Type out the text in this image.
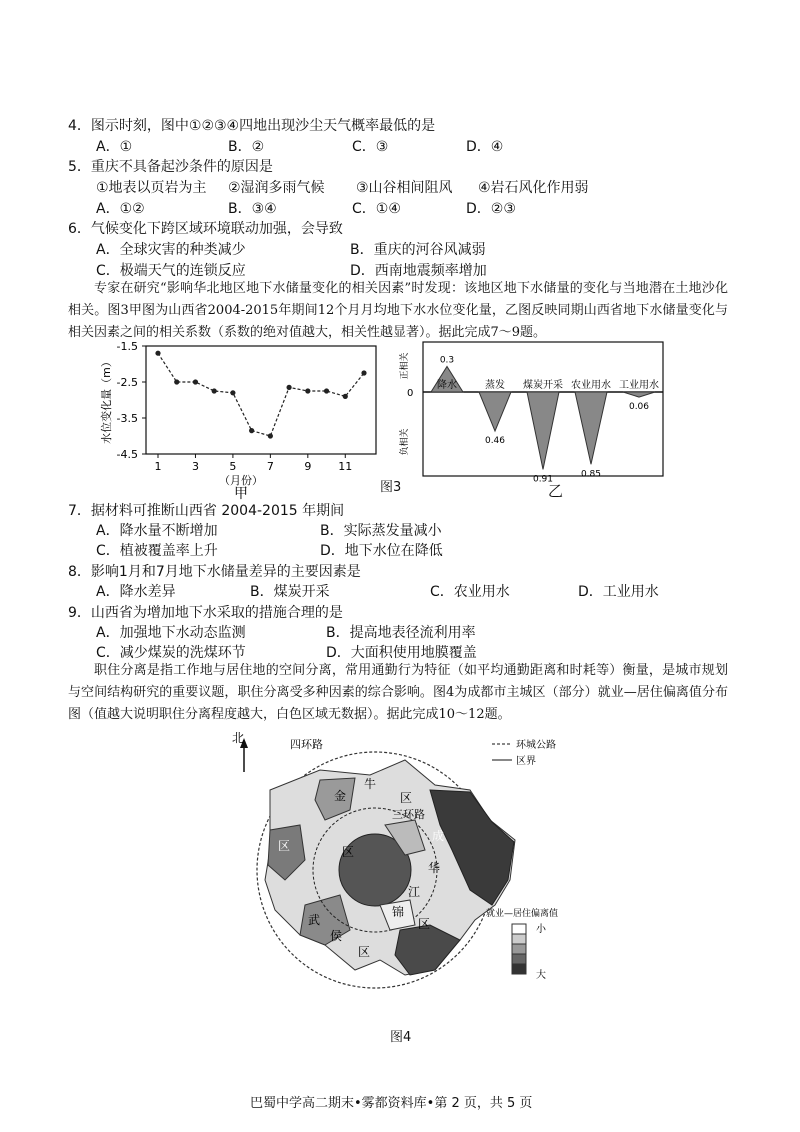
4．图示时刻，图中①②③④四地出现沙尘天气概率最低的是
A．①	B．②	C．③	D．④
5．重庆不具备起沙条件的原因是
①地表以页岩为主 ②湿润多雨气候 ③山谷相间阻风 ④岩石风化作用弱
A．①②	B．③④	C．①④	D．②③
6．气候变化下跨区域环境联动加强，会导致
A．全球灾害的种类减少	B．重庆的河谷风减弱
C．极端天气的连锁反应	D．西南地震频率增加
专家在研究“影响华北地区地下水储量变化的相关因素”时发现：该地区地下水储量的变化与当地潜在土地沙化相关。图3甲图为山西省2004-2015年期间12个月月均地下水水位变化量，乙图反映同期山西省地下水储量变化与相关因素之间的相关系数（系数的绝对值越大，相关性越显著）。据此完成7～9题。
-1.5
-2.5
-3.5
-4.5
1	3	5	7	9 11
水位变化量（m）
（月份）
甲	图3
0
正相关
负相关
0.3
降水
0.46
蒸发
0.91
煤炭开采
0.85
农业用水
0.06
工业用水
乙
7．据材料可推断山西省 2004-2015 年期间
A．降水量不断增加	B．实际蒸发量减小
C．植被覆盖率上升	D．地下水位在降低
8．影响1月和7月地下水储量差异的主要因素是
A．降水差异	B．煤炭开采	C．农业用水	D．工业用水
9．山西省为增加地下水采取的措施合理的是
A．加强地下水动态监测	B．提高地表径流利用率
C．减少煤炭的洗煤环节	D．大面积使用地膜覆盖
职住分离是指工作地与居住地的空间分离，常用通勤行为特征（如平均通勤距离和时耗等）衡量，是城市规划与空间结构研究的重要议题，职住分离受多种因素的综合影响。图4为成都市主城区（部分）就业—居住偏离值分布图（值越大说明职住分离程度越大，白色区域无数据）。据此完成10～12题。
北	四环路
三环路
金
牛
区
成
华
区
锦
江
区
武
侯
区
区
环城公路
区界
就业—居住偏离值
小
大
图4
巴蜀中学高二期末•雾都资料库•第 2 页，共 5 页
